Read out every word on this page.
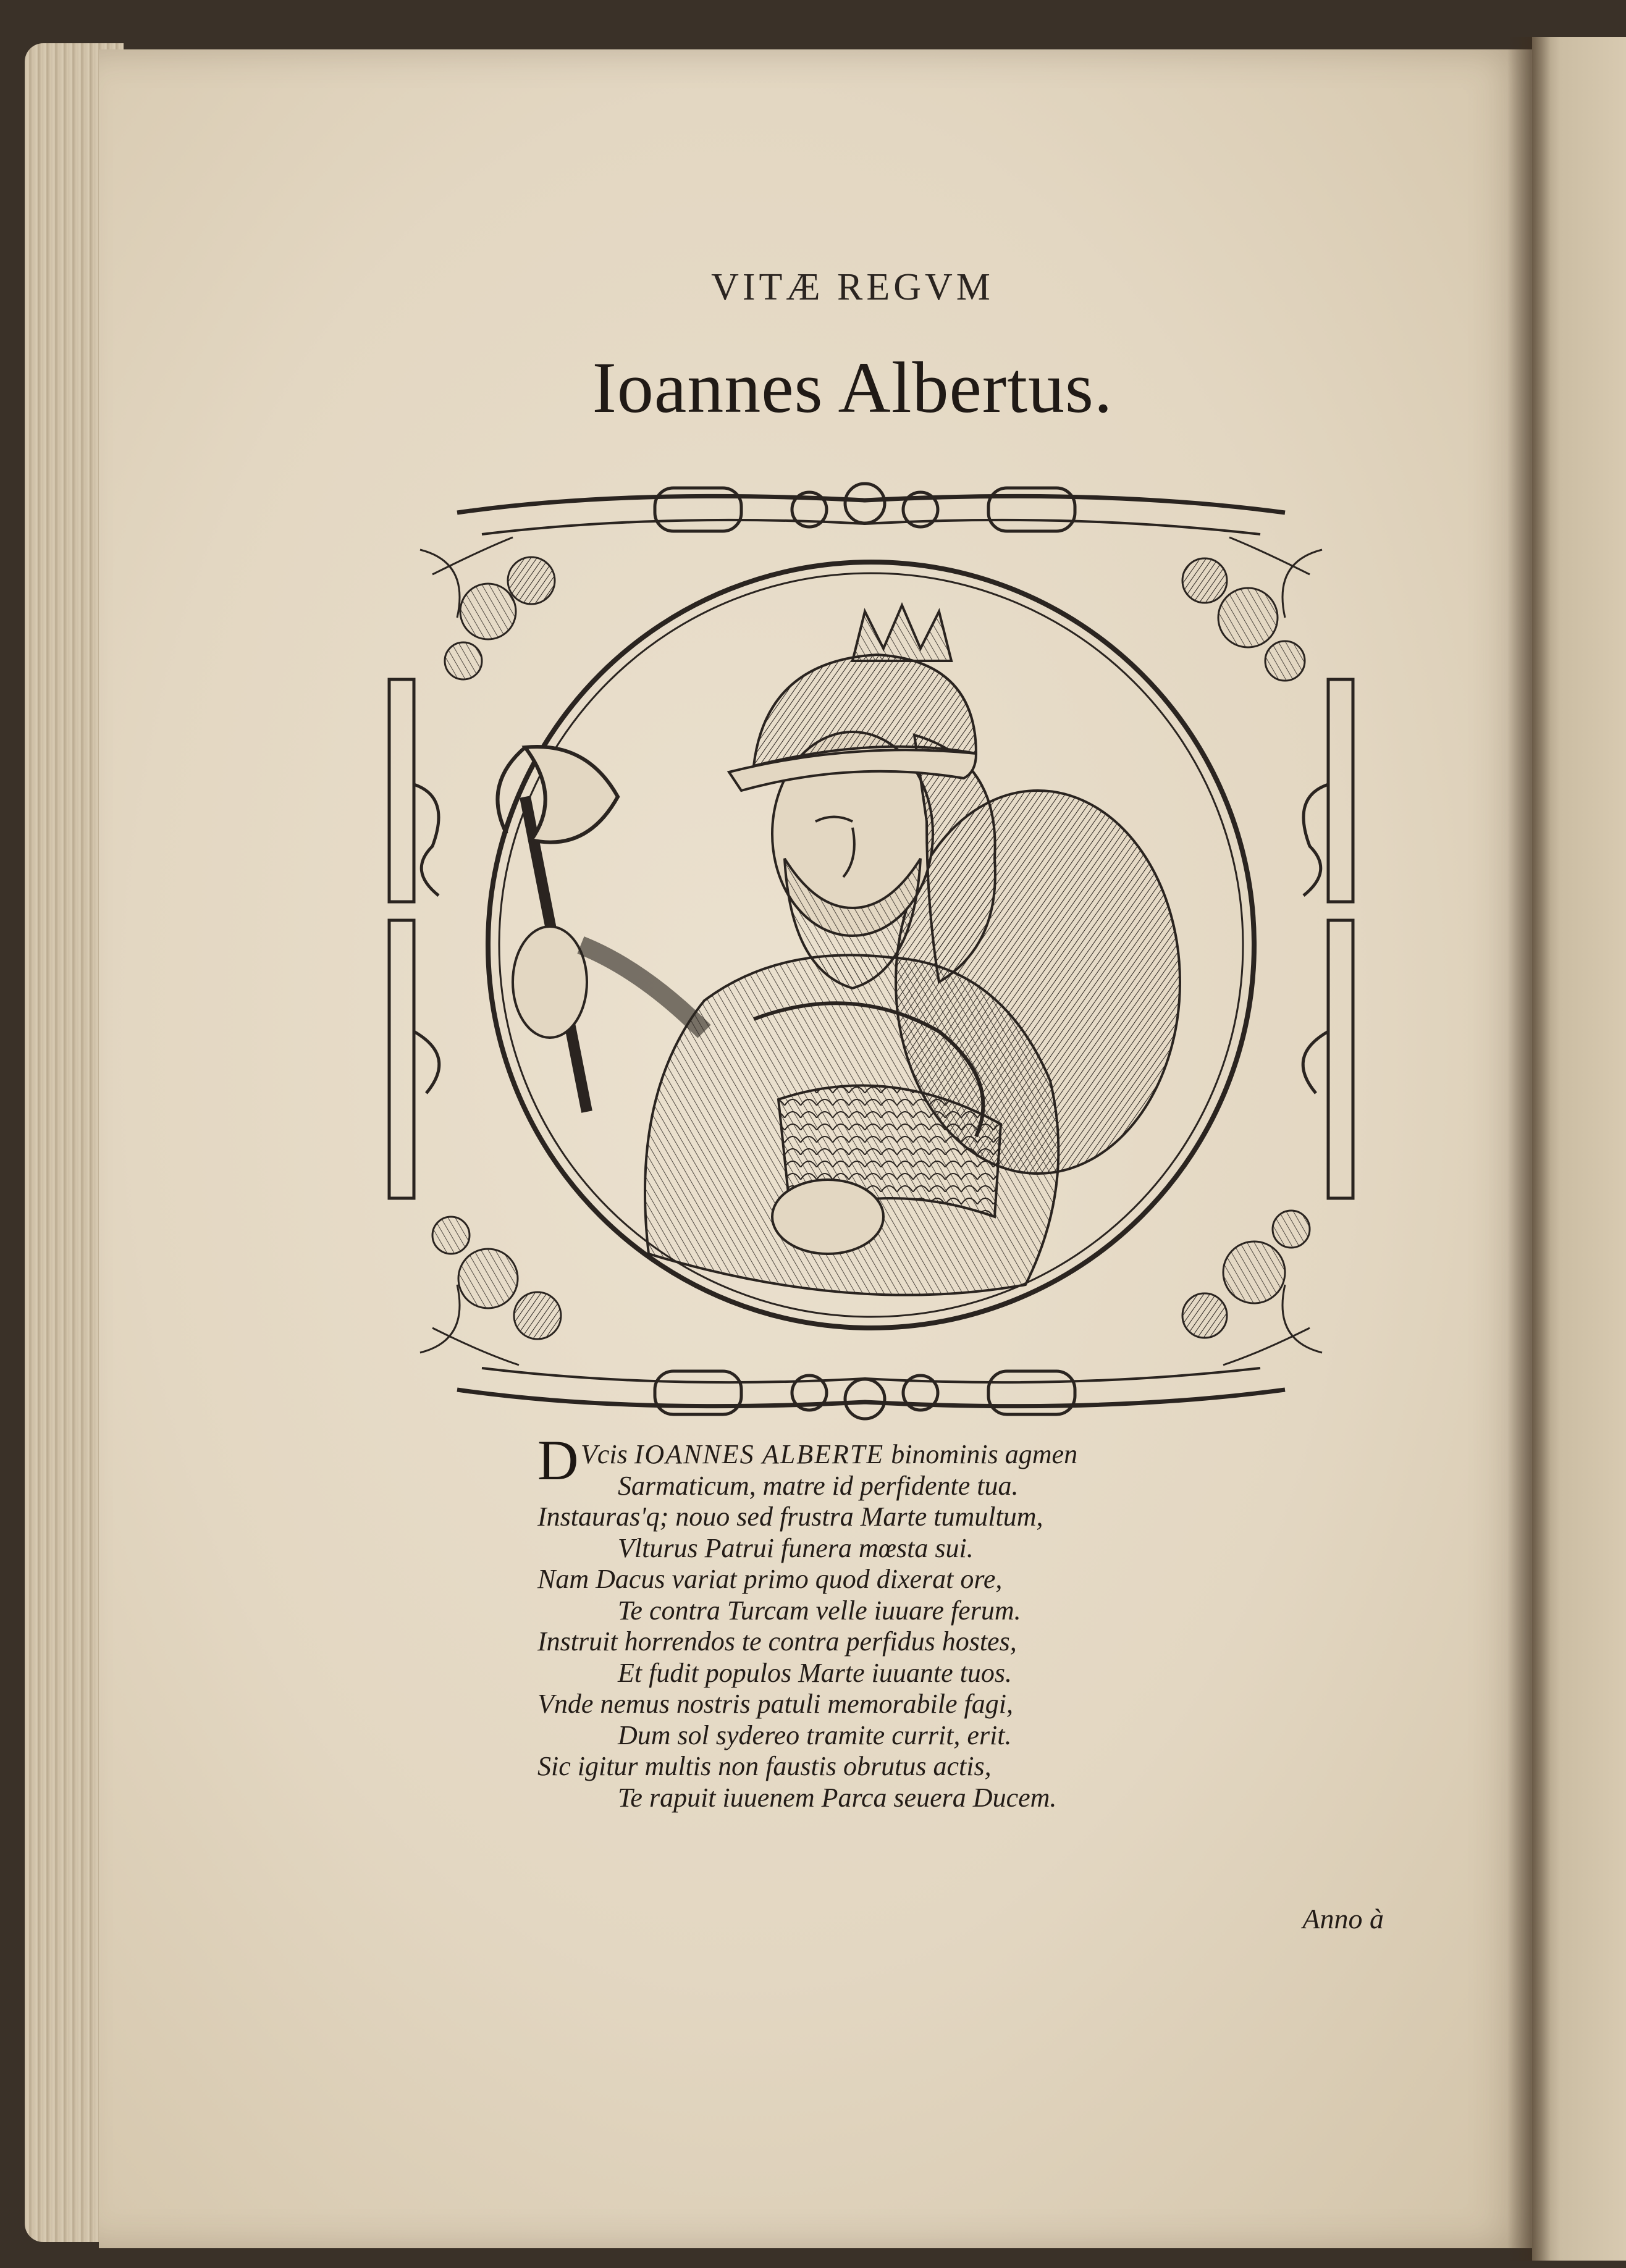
VITÆ REGVM
Ioannes Albertus.
D Vcis IOANNES ALBERTE binominis agmen
Sarmaticum, matre id perfidente tua.
Instauras'q; nouo sed frustra Marte tumultum,
Vlturus Patrui funera mœsta sui.
Nam Dacus variat primo quod dixerat ore,
Te contra Turcam velle iuuare ferum.
Instruit horrendos te contra perfidus hostes,
Et fudit populos Marte iuuante tuos.
Vnde nemus nostris patuli memorabile fagi,
Dum sol sydereo tramite currit, erit.
Sic igitur multis non faustis obrutus actis,
Te rapuit iuuenem Parca seuera Ducem.
Anno à
